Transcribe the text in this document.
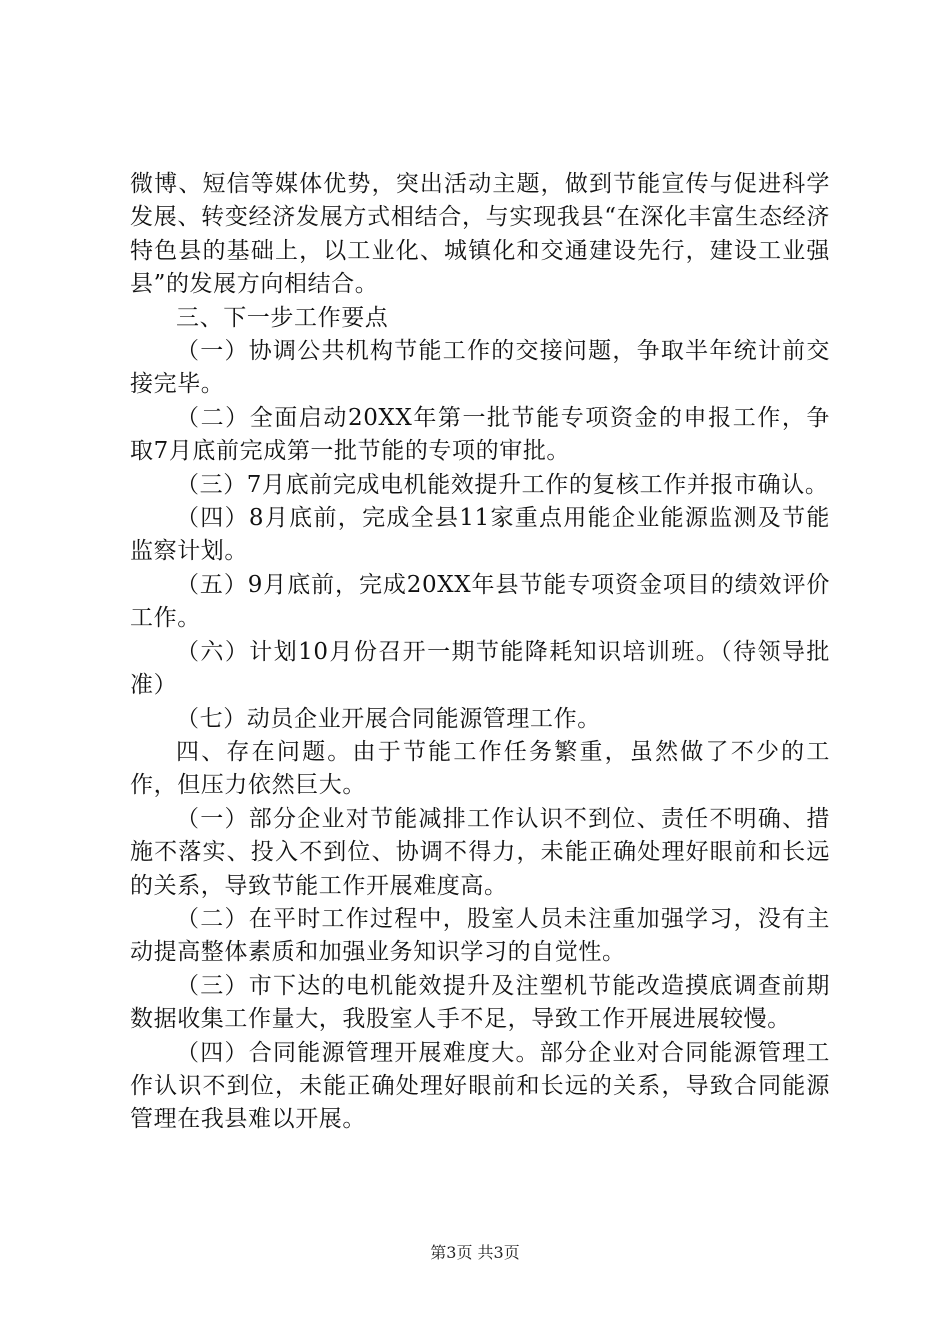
微博、短信等媒体优势，突出活动主题，做到节能宣传与促进科学发展、转变经济发展方式相结合，与实现我县“在深化丰富生态经济特色县的基础上，以工业化、城镇化和交通建设先行，建设工业强县”的发展方向相结合。

三、下一步工作要点

（一）协调公共机构节能工作的交接问题，争取半年统计前交接完毕。

（二）全面启动20XX年第一批节能专项资金的申报工作，争取7月底前完成第一批节能的专项的审批。

（三）7月底前完成电机能效提升工作的复核工作并报市确认。

（四）8月底前，完成全县11家重点用能企业能源监测及节能监察计划。

（五）9月底前，完成20XX年县节能专项资金项目的绩效评价工作。

（六）计划10月份召开一期节能降耗知识培训班。（待领导批准）

（七）动员企业开展合同能源管理工作。

四、存在问题。由于节能工作任务繁重，虽然做了不少的工作，但压力依然巨大。

（一）部分企业对节能减排工作认识不到位、责任不明确、措施不落实、投入不到位、协调不得力，未能正确处理好眼前和长远的关系，导致节能工作开展难度高。

（二）在平时工作过程中，股室人员未注重加强学习，没有主动提高整体素质和加强业务知识学习的自觉性。

（三）市下达的电机能效提升及注塑机节能改造摸底调查前期数据收集工作量大，我股室人手不足，导致工作开展进展较慢。

（四）合同能源管理开展难度大。部分企业对合同能源管理工作认识不到位，未能正确处理好眼前和长远的关系，导致合同能源管理在我县难以开展。

第3页 共3页
